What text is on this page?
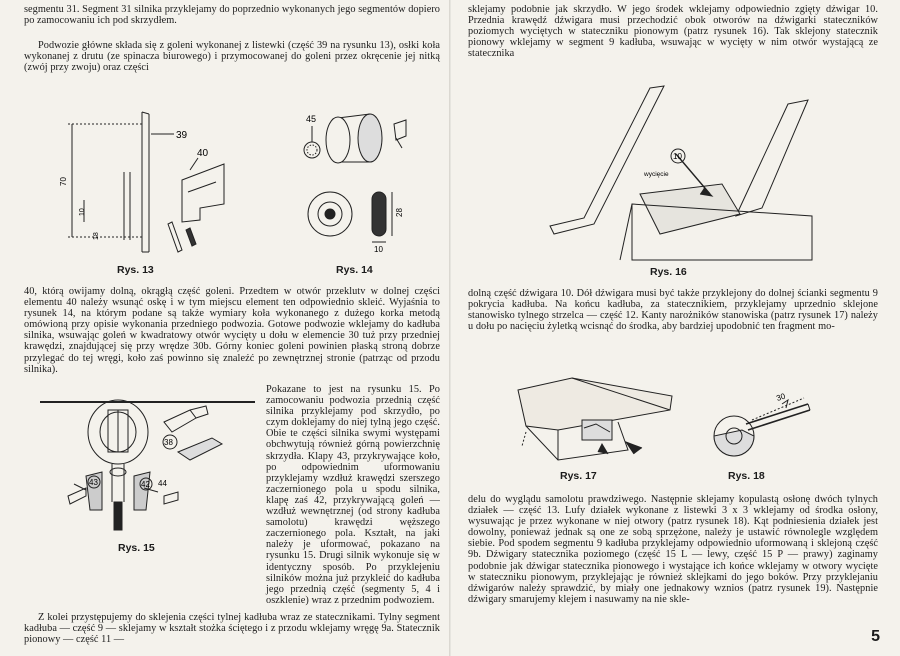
segmentu 31. Segment 31 silnika przyklejamy do poprzednio wykonanych jego segmentów dopiero po zamocowaniu ich pod skrzydłem.

Podwozie główne składa się z goleni wykonanej z listewki (część 39 na rysunku 13), osłki koła wykonanej z drutu (ze spinacza biurowego) i przymocowanej do goleni przez okręcenie jej nitką (zwój przy zwoju) oraz części

39
40
70
10
18
Rys. 13
45
28
10
Rys. 14

40, którą owijamy dolną, okrągłą część goleni. Przedtem w otwór przeklutv w dolnej części elementu 40 należy wsunąć oskę i w tym miejscu element ten odpowiednio skleić. Wyjaśnia to rysunek 14, na którym podane są także wymiary koła wykonanego z dużego korka metodą omówioną przy opisie wykonania przedniego podwozia. Gotowe podwozie wklejamy do kadłuba silnika, wsuwając goleń w kwadratowy otwór wycięty u dołu w elemencie 30 tuż przy przedniej krawędzi, znajdującej się przy wrędze 30b. Górny koniec goleni powinien płaską stroną dobrze przylegać do tej wręgi, koło zaś powinno się znaleźć po zewnętrznej stronie (patrząc od przodu silnika).

38
43	42 44
Rys. 15

Pokazane to jest na rysunku 15. Po zamocowaniu podwozia przednią część silnika przyklejamy pod skrzydło, po czym doklejamy do niej tylną jego część. Obie te części silnika swymi występami obchwytują również górną powierzchnię skrzydła. Klapy 43, przykrywające koło, po odpowiednim uformowaniu przyklejamy wzdłuż krawędzi szerszego zaczernionego pola u spodu silnika, klapę zaś 42, przykrywającą goleń — wzdłuż wewnętrznej (od strony kadłuba samolotu) krawędzi węższego zaczernionego pola. Kształt, na jaki należy je uformować, pokazano na rysunku 15. Drugi silnik wykonuje się w identyczny sposób. Po przyklejeniu silników można już przykleić do kadłuba jego przednią część (segmenty 5, 4 i oszklenie) wraz z przednim podwoziem.

Z kolei przystępujemy do sklejenia części tylnej kadłuba wraz ze statecznikami. Tylny segment kadłuba — część 9 — sklejamy w kształt stożka ściętego i z przodu wklejamy wręgę 9a. Statecznik pionowy — część 11 —

sklejamy podobnie jak skrzydło. W jego środek wklejamy odpowiednio zgięty dźwigar 10. Przednia krawędź dźwigara musi przechodzić obok otworów na dźwigarki stateczników poziomych wyciętych w stateczniku pionowym (patrz rysunek 16). Tak sklejony statecznik pionowy wklejamy w segment 9 kadłuba, wsuwając w wycięty w nim otwór wystającą ze statecznika

10
wycięcie
Rys. 16

dolną część dźwigara 10. Dół dźwigara musi być także przyklejony do dolnej ścianki segmentu 9 pokrycia kadłuba. Na końcu kadłuba, za statecznikiem, przyklejamy uprzednio sklejone stanowisko tylnego strzelca — część 12. Kanty narożników stanowiska (patrz rysunek 17) należy u dołu po nacięciu żyletką wcisnąć do środka, aby bardziej upodobnić ten fragment mo-

Rys. 17
30
Rys. 18

delu do wyglądu samolotu prawdziwego. Następnie sklejamy kopulastą osłonę dwóch tylnych działek — część 13. Lufy działek wykonane z listewki 3 x 3 wklejamy od środka osłony, wysuwając je przez wykonane w niej otwory (patrz rysunek 18). Kąt podniesienia działek jest dowolny, ponieważ jednak są one ze sobą sprzężone, należy je ustawić równolegle względem siebie. Pod spodem segmentu 9 kadłuba przyklejamy odpowiednio uformowaną i sklejoną część 9b. Dźwigary statecznika poziomego (część 15 L — lewy, część 15 P — prawy) zaginamy podobnie jak dźwigar statecznika pionowego i wystające ich końce wklejamy w otwory wycięte w stateczniku pionowym, przyklejając je również sklejkami do jego boków. Przy przyklejaniu dźwigarów należy sprawdzić, by miały one jednakowy wznios (patrz rysunek 19). Następnie dźwigary smarujemy klejem i nasuwamy na nie skle-

5
